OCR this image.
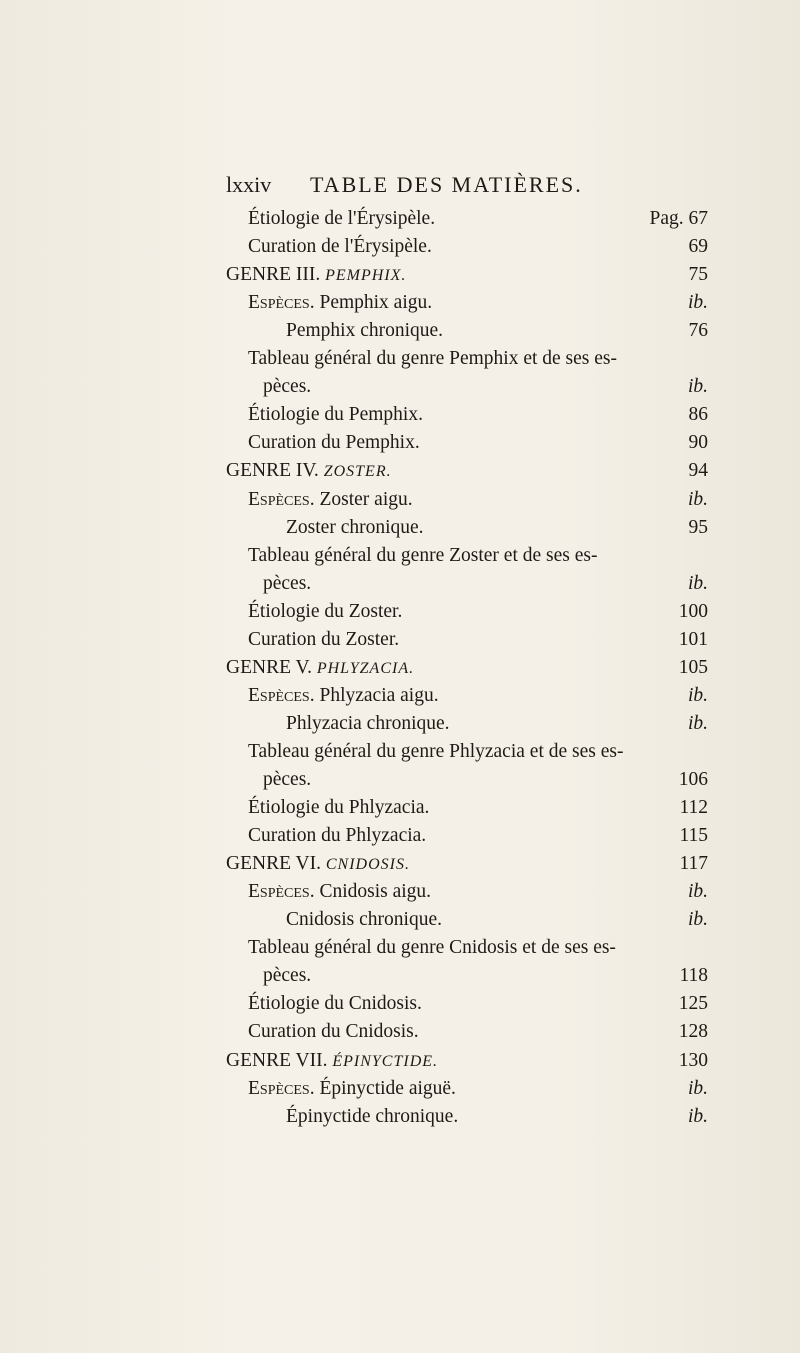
lxxiv TABLE DES MATIÈRES.
Étiologie de l'Érysipèle.	Pag. 67
Curation de l'Érysipèle.	69
GENRE III. PEMPHIX.	75
Espèces. Pemphix aigu.	ib.
Pemphix chronique.	76
Tableau général du genre Pemphix et de ses es-
pèces.	ib.
Étiologie du Pemphix.	86
Curation du Pemphix.	90
GENRE IV. ZOSTER.	94
Espèces. Zoster aigu.	ib.
Zoster chronique.	95
Tableau général du genre Zoster et de ses es-
pèces.	ib.
Étiologie du Zoster.	100
Curation du Zoster.	101
GENRE V. PHLYZACIA.	105
Espèces. Phlyzacia aigu.	ib.
Phlyzacia chronique.	ib.
Tableau général du genre Phlyzacia et de ses es-
pèces.	106
Étiologie du Phlyzacia.	112
Curation du Phlyzacia.	115
GENRE VI. CNIDOSIS.	117
Espèces. Cnidosis aigu.	ib.
Cnidosis chronique.	ib.
Tableau général du genre Cnidosis et de ses es-
pèces.	118
Étiologie du Cnidosis.	125
Curation du Cnidosis.	128
GENRE VII. ÉPINYCTIDE.	130
Espèces. Épinyctide aiguë.	ib.
Épinyctide chronique.	ib.
